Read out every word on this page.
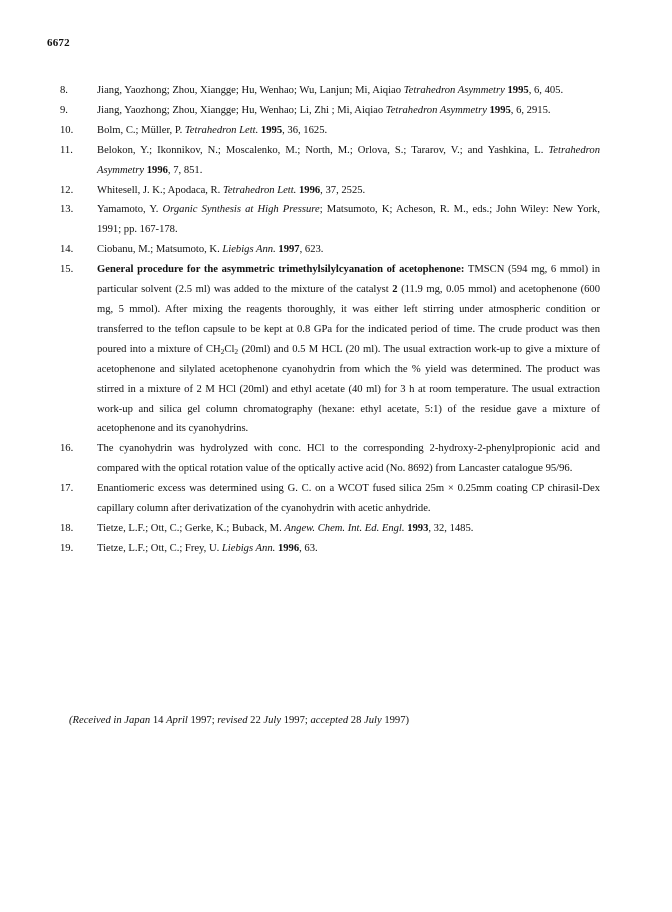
6672
8.	Jiang, Yaozhong; Zhou, Xiangge; Hu, Wenhao; Wu, Lanjun; Mi, Aiqiao Tetrahedron Asymmetry 1995, 6, 405.
9.	Jiang, Yaozhong; Zhou, Xiangge; Hu, Wenhao; Li, Zhi ; Mi, Aiqiao Tetrahedron Asymmetry 1995, 6, 2915.
10.	Bolm, C.; Müller, P. Tetrahedron Lett. 1995, 36, 1625.
11.	Belokon, Y.; Ikonnikov, N.; Moscalenko, M.; North, M.; Orlova, S.; Tararov, V.; and Yashkina, L. Tetrahedron Asymmetry 1996, 7, 851.
12.	Whitesell, J. K.; Apodaca, R. Tetrahedron Lett. 1996, 37, 2525.
13.	Yamamoto, Y. Organic Synthesis at High Pressure; Matsumoto, K; Acheson, R. M., eds.; John Wiley: New York, 1991; pp. 167-178.
14.	Ciobanu, M.; Matsumoto, K. Liebigs Ann. 1997, 623.
15.	General procedure for the asymmetric trimethylsilylcyanation of acetophenone: TMSCN (594 mg, 6 mmol) in particular solvent (2.5 ml) was added to the mixture of the catalyst 2 (11.9 mg, 0.05 mmol) and acetophenone (600 mg, 5 mmol). After mixing the reagents thoroughly, it was either left stirring under atmospheric condition or transferred to the teflon capsule to be kept at 0.8 GPa for the indicated period of time. The crude product was then poured into a mixture of $CH_2Cl_2$ (20ml) and 0.5 M HCL (20 ml). The usual extraction work-up to give a mixture of acetophenone and silylated acetophenone cyanohydrin from which the % yield was determined. The product was stirred in a mixture of 2 M HCl (20ml) and ethyl acetate (40 ml) for 3 h at room temperature. The usual extraction work-up and silica gel column chromatography (hexane: ethyl acetate, 5:1) of the residue gave a mixture of acetophenone and its cyanohydrins.
16.	The cyanohydrin was hydrolyzed with conc. HCl to the corresponding 2-hydroxy-2-phenylpropionic acid and compared with the optical rotation value of the optically active acid (No. 8692) from Lancaster catalogue 95/96.
17.	Enantiomeric excess was determined using G. C. on a WCOT fused silica 25m × 0.25mm coating CP chirasil-Dex capillary column after derivatization of the cyanohydrin with acetic anhydride.
18.	Tietze, L.F.; Ott, C.; Gerke, K.; Buback, M. Angew. Chem. Int. Ed. Engl. 1993, 32, 1485.
19.	Tietze, L.F.; Ott, C.; Frey, U. Liebigs Ann. 1996, 63.
(Received in Japan 14 April 1997; revised 22 July 1997; accepted 28 July 1997)
